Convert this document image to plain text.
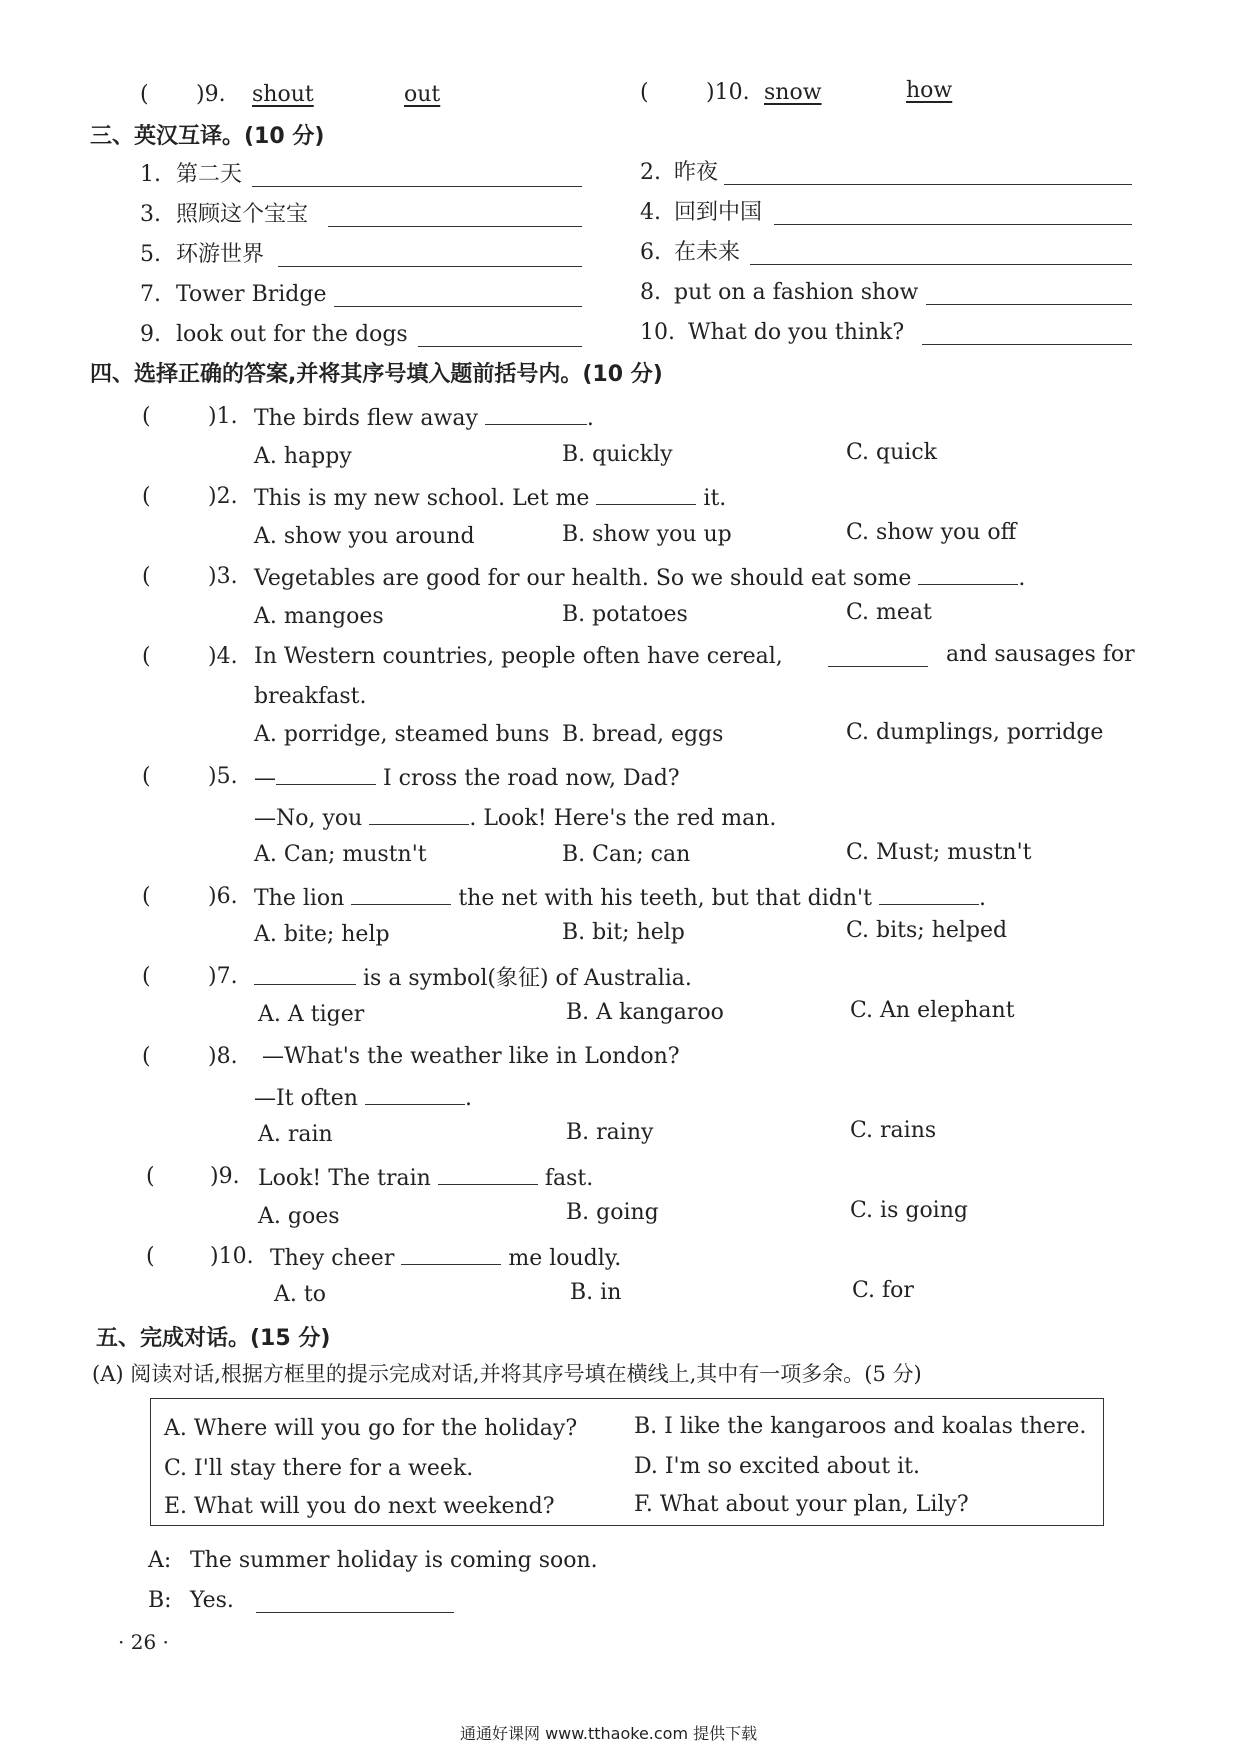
( )9. shout	out	(	)10. snow	how
三、英汉互译。(10 分)
1. 第二天	2. 昨夜
3. 照顾这个宝宝	4. 回到中国
5. 环游世界	6. 在未来
7. Tower Bridge	8. put on a fashion show
9. look out for the dogs	10. What do you think?
四、选择正确的答案,并将其序号填入题前括号内。(10 分)
(	)1. The birds flew away	.
A. happy	B. quickly	C. quick
(	)2. This is my new school. Let me	it.
A. show you around	B. show you up	C. show you off
(	)3. Vegetables are good for our health. So we should eat some	.
A. mangoes	B. potatoes	C. meat
(	)4. In Western countries, people often have cereal,	and sausages for
breakfast.
A. porridge, steamed buns B. bread, eggs	C. dumplings, porridge
(	)5. —	I cross the road now, Dad?
—No, you	. Look! Here's the red man.
A. Can; mustn't	B. Can; can	C. Must; mustn't
(	)6. The lion	the net with his teeth, but that didn't	.
A. bite; help	B. bit; help	C. bits; helped
(	)7.	is a symbol(象征) of Australia.
A. A tiger	B. A kangaroo	C. An elephant
(	)8. —What's the weather like in London?
—It often	.
A. rain	B. rainy	C. rains
(	)9. Look! The train	fast.
A. goes	B. going	C. is going
(	)10. They cheer	me loudly.
A. to	B. in	C. for
五、完成对话。(15 分)
(A) 阅读对话,根据方框里的提示完成对话,并将其序号填在横线上,其中有一项多余。(5 分)
A. Where will you go for the holiday?	B. I like the kangaroos and koalas there.
C. I'll stay there for a week.	D. I'm so excited about it.
E. What will you do next weekend?	F. What about your plan, Lily?
A: The summer holiday is coming soon.
B: Yes.
· 26 ·
通通好课网 www.tthaoke.com 提供下载
